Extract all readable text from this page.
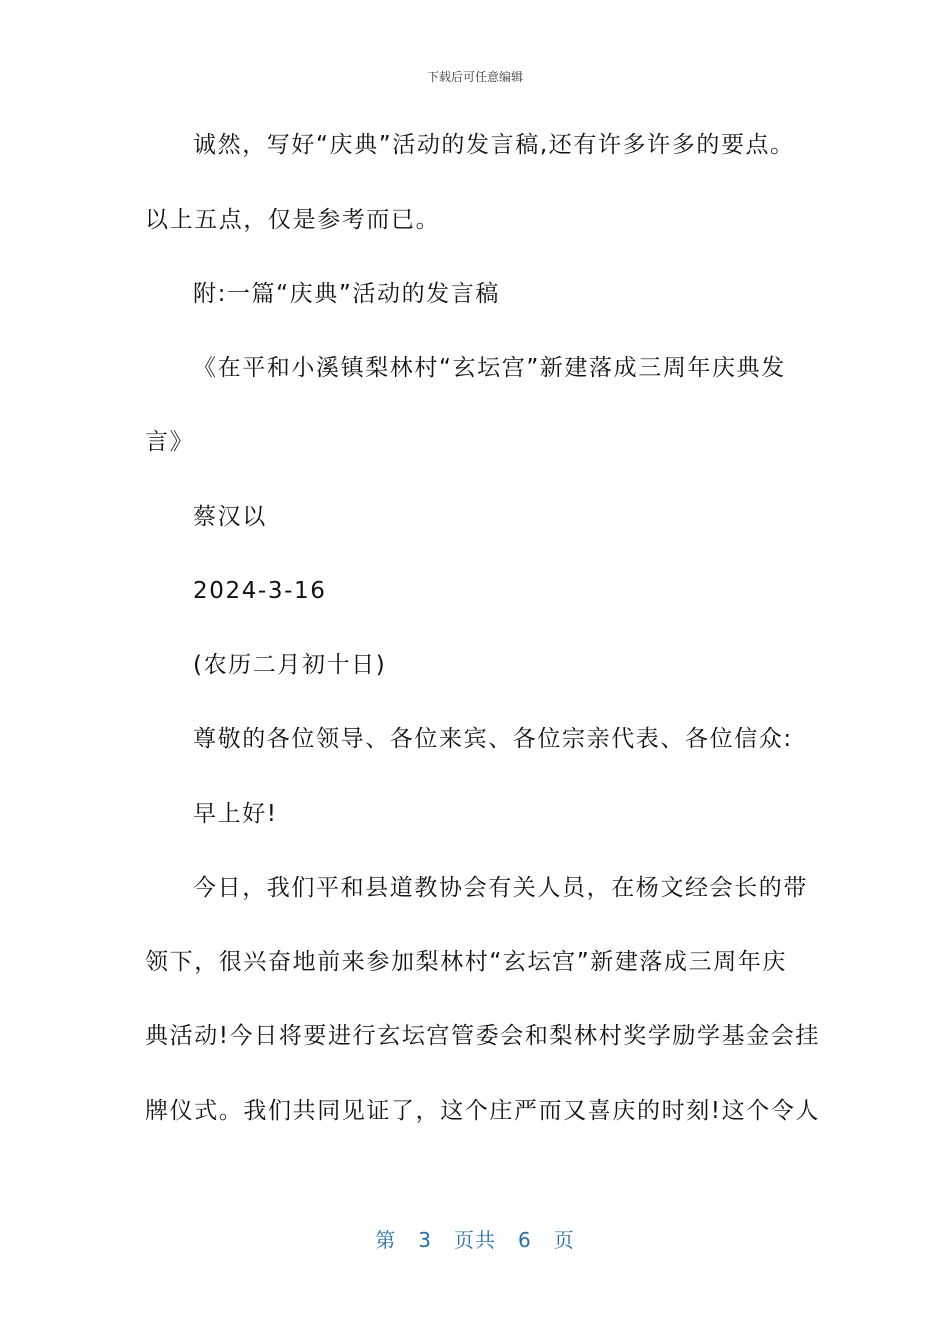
下载后可任意编辑
诚然，写好“庆典”活动的发言稿,还有许多许多的要点。
以上五点，仅是参考而已。
附:一篇“庆典”活动的发言稿
《在平和小溪镇梨林村“玄坛宫”新建落成三周年庆典发
言》
蔡汉以
2024-3-16
(农历二月初十日)
尊敬的各位领导、各位来宾、各位宗亲代表、各位信众:
早上好!
今日，我们平和县道教协会有关人员，在杨文经会长的带
领下，很兴奋地前来参加梨林村“玄坛宫”新建落成三周年庆
典活动!今日将要进行玄坛宫管委会和梨林村奖学励学基金会挂
牌仪式。我们共同见证了，这个庄严而又喜庆的时刻!这个令人
第 3 页共 6 页
